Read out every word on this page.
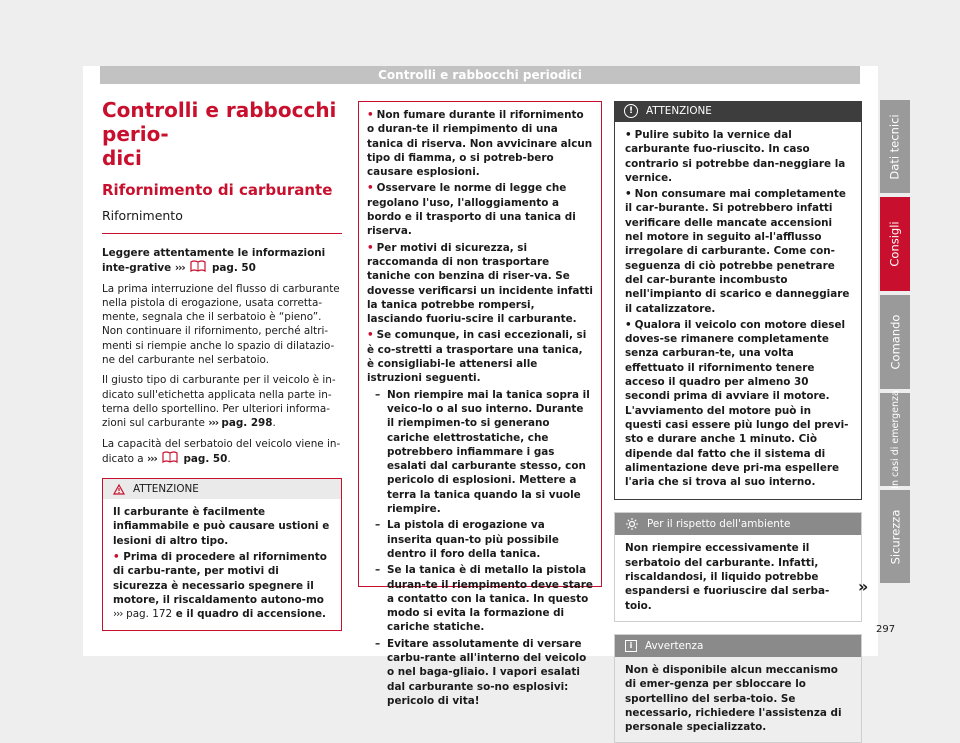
Controlli e rabbocchi periodici
Controlli e rabbocchi perio-
dici
Rifornimento di carburante
Rifornimento
Leggere attentamente le informazioni inte-grative ›››	pag. 50

La prima interruzione del flusso di carburante nella pistola di erogazione, usata corretta-mente, segnala che il serbatoio è “pieno”. Non continuare il rifornimento, perché altri-menti si riempie anche lo spazio di dilatazio-ne del carburante nel serbatoio.

Il giusto tipo di carburante per il veicolo è in-dicato sull'etichetta applicata nella parte in-terna dello sportellino. Per ulteriori informa-zioni sul carburante ››› pag. 298.

La capacità del serbatoio del veicolo viene in-dicato a ›››	pag. 50.

ATTENZIONE

Il carburante è facilmente infiammabile e può causare ustioni e lesioni di altro tipo.

• Prima di procedere al rifornimento di carbu-rante, per motivi di sicurezza è necessario spegnere il motore, il riscaldamento autono-mo ››› pag. 172 e il quadro di accensione.

• Non fumare durante il rifornimento o duran-te il riempimento di una tanica di riserva. Non avvicinare alcun tipo di fiamma, o si potreb-bero causare esplosioni.
• Osservare le norme di legge che regolano l'uso, l'alloggiamento a bordo e il trasporto di una tanica di riserva.
• Per motivi di sicurezza, si raccomanda di non trasportare taniche con benzina di riser-va. Se dovesse verificarsi un incidente infatti la tanica potrebbe rompersi, lasciando fuoriu-scire il carburante.
• Se comunque, in casi eccezionali, si è co-stretti a trasportare una tanica, è consigliabi-le attenersi alle istruzioni seguenti.
– Non riempire mai la tanica sopra il veico-lo o al suo interno. Durante il riempimen-to si generano cariche elettrostatiche, che potrebbero infiammare i gas esalati dal carburante stesso, con pericolo di esplosioni. Mettere a terra la tanica quando la si vuole riempire.
– La pistola di erogazione va inserita quan-to più possibile dentro il foro della tanica.
– Se la tanica è di metallo la pistola duran-te il riempimento deve stare a contatto con la tanica. In questo modo si evita la formazione di cariche statiche.
– Evitare assolutamente di versare carbu-rante all'interno del veicolo o nel baga-gliaio. I vapori esalati dal carburante so-no esplosivi: pericolo di vita!
!	ATTENZIONE
• Pulire subito la vernice dal carburante fuo-riuscito. In caso contrario si potrebbe dan-neggiare la vernice.
• Non consumare mai completamente il car-burante. Si potrebbero infatti verificare delle mancate accensioni nel motore in seguito al-l'afflusso irregolare di carburante. Come con-seguenza di ciò potrebbe penetrare del car-burante incombusto nell'impianto di scarico e danneggiare il catalizzatore.
• Qualora il veicolo con motore diesel doves-se rimanere completamente senza carburan-te, una volta effettuato il rifornimento tenere acceso il quadro per almeno 30 secondi prima di avviare il motore. L'avviamento del motore può in questi casi essere più lungo del previ-sto e durare anche 1 minuto. Ciò dipende dal fatto che il sistema di alimentazione deve pri-ma espellere l'aria che si trova al suo interno.
Per il rispetto dell'ambiente
Non riempire eccessivamente il serbatoio del carburante. Infatti, riscaldandosi, il liquido potrebbe espandersi e fuoriuscire dal serba-toio.
i	Avvertenza
Non è disponibile alcun meccanismo di emer-genza per sbloccare lo sportellino del serba-toio. Se necessario, richiedere l'assistenza di personale specializzato.
»
Dati tecnici
Consigli
Comando
In casi di emergenza
Sicurezza
297
